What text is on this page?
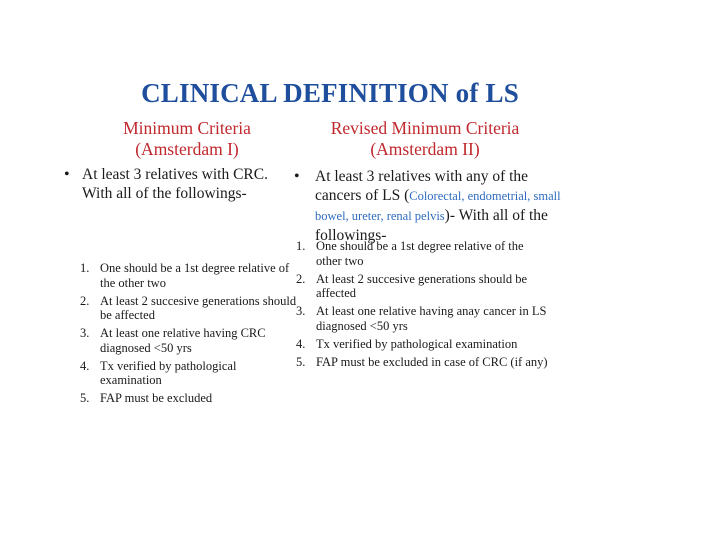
CLINICAL DEFINITION of LS
Minimum Criteria
(Amsterdam I)
• At least 3 relatives with CRC. With all of the followings-
1. One should be a 1st degree relative of the other two
2. At least 2 succesive generations should be affected
3. At least one relative having CRC diagnosed <50 yrs
4. Tx verified by pathological examination
5. FAP must be excluded
Revised Minimum Criteria
(Amsterdam II)
• At least 3 relatives with any of the cancers of LS (Colorectal, endometrial, small bowel, ureter, renal pelvis)- With all of the followings-
1. One should be a 1st degree relative of the other two
2. At least 2 succesive generations should be affected
3. At least one relative having anay cancer in LS diagnosed <50 yrs
4. Tx verified by pathological examination
5. FAP must be excluded in case of CRC (if any)
